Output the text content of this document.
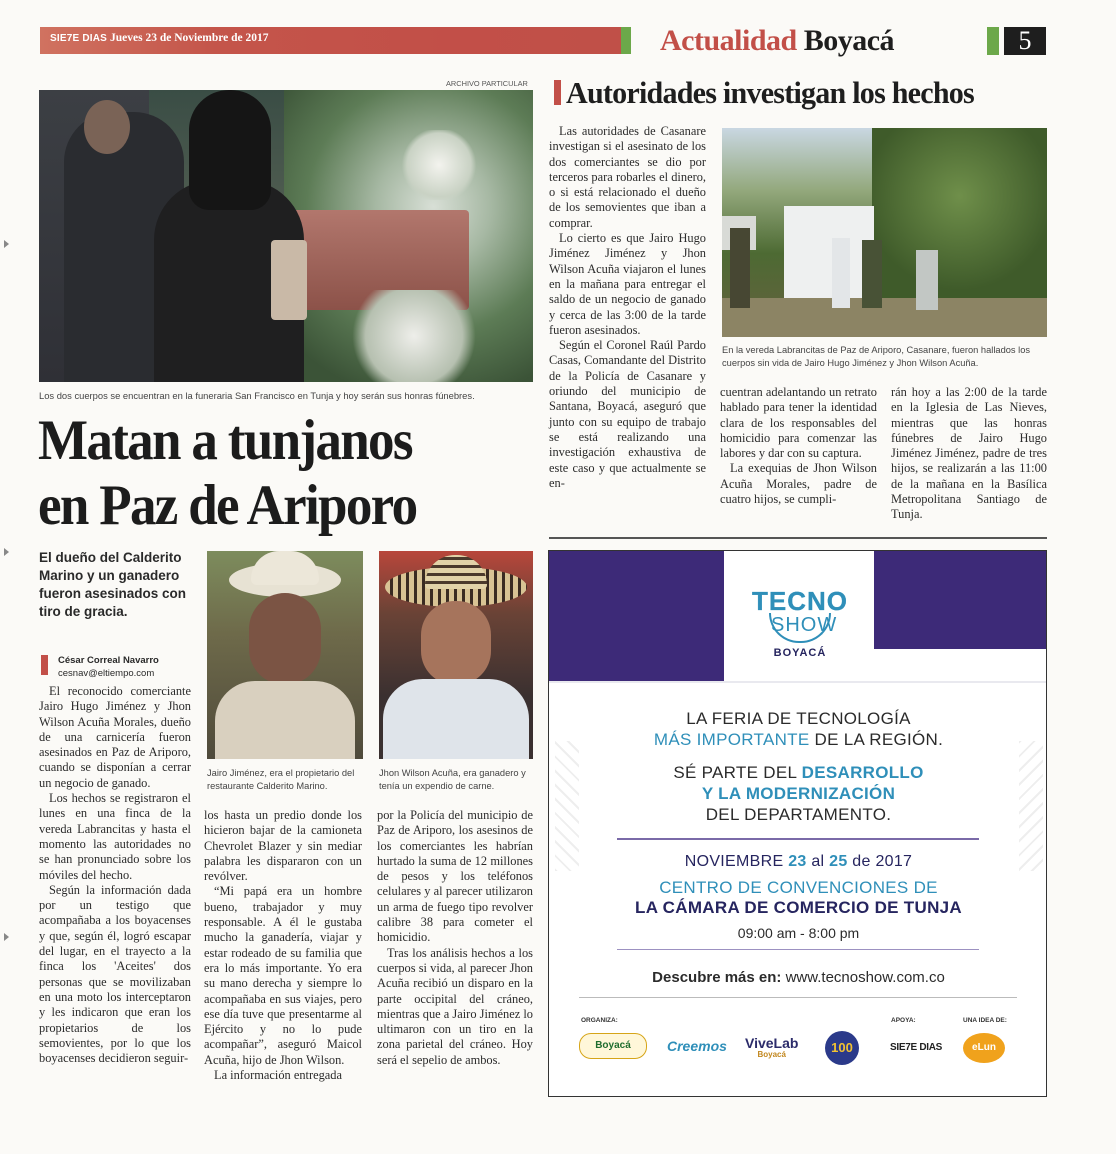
SIE7E DIAS Jueves 23 de Noviembre de 2017	Actualidad Boyacá	5
ARCHIVO PARTICULAR
Los dos cuerpos se encuentran en la funeraria San Francisco en Tunja y hoy serán sus honras fúnebres.
Matan a tunjanos
en Paz de Ariporo
El dueño del Calderito Marino y un ganadero fueron asesinados con tiro de gracia.
César Correal Navarro
cesnav@eltiempo.com
Jairo Jiménez, era el propietario del restaurante Calderito Marino.
Jhon Wilson Acuña, era ganadero y tenía un expendio de carne.

El reconocido comerciante Jairo Hugo Jiménez y Jhon Wilson Acuña Morales, dueño de una carnicería fueron asesinados en Paz de Ariporo, cuando se disponían a cerrar un negocio de ganado.

Los hechos se registraron el lunes en una finca de la vereda Labrancitas y hasta el momento las autoridades no se han pronunciado sobre los móviles del hecho.

Según la información dada por un testigo que acompañaba a los boyacenses y que, según él, logró escapar del lugar, en el trayecto a la finca los 'Aceites' dos personas que se movilizaban en una moto los interceptaron y les indicaron que eran los propietarios de los semovientes, por lo que los boyacenses decidieron seguir-

los hasta un predio donde los hicieron bajar de la camioneta Chevrolet Blazer y sin mediar palabra les dispararon con un revólver.

“Mi papá era un hombre bueno, trabajador y muy responsable. A él le gustaba mucho la ganadería, viajar y estar rodeado de su familia que era lo más importante. Yo era su mano derecha y siempre lo acompañaba en sus viajes, pero ese día tuve que presentarme al Ejército y no lo pude acompañar”, aseguró Maicol Acuña, hijo de Jhon Wilson.

La información entregada

por la Policía del municipio de Paz de Ariporo, los asesinos de los comerciantes les habrían hurtado la suma de 12 millones de pesos y los teléfonos celulares y al parecer utilizaron un arma de fuego tipo revolver calibre 38 para cometer el homicidio.

Tras los análisis hechos a los cuerpos si vida, al parecer Jhon Acuña recibió un disparo en la parte occipital del cráneo, mientras que a Jairo Jiménez lo ultimaron con un tiro en la zona parietal del cráneo. Hoy será el sepelio de ambos.

Autoridades investigan los hechos

Las autoridades de Casanare investigan si el asesinato de los dos comerciantes se dio por terceros para robarles el dinero, o si está relacionado el dueño de los semovientes que iban a comprar.

Lo cierto es que Jairo Hugo Jiménez Jiménez y Jhon Wilson Acuña viajaron el lunes en la mañana para entregar el saldo de un negocio de ganado y cerca de las 3:00 de la tarde fueron asesinados.

Según el Coronel Raúl Pardo Casas, Comandante del Distrito de la Policía de Casanare y oriundo del municipio de Santana, Boyacá, aseguró que junto con su equipo de trabajo se está realizando una investigación exhaustiva de este caso y que actualmente se en-

En la vereda Labrancitas de Paz de Ariporo, Casanare, fueron hallados los cuerpos sin vida de Jairo Hugo Jiménez y Jhon Wilson Acuña.

cuentran adelantando un retrato hablado para tener la identidad clara de los responsables del homicidio para comenzar las labores y dar con su captura.

La exequias de Jhon Wilson Acuña Morales, padre de cuatro hijos, se cumpli-

rán hoy a las 2:00 de la tarde en la Iglesia de Las Nieves, mientras que las honras fúnebres de Jairo Hugo Jiménez Jiménez, padre de tres hijos, se realizarán a las 11:00 de la mañana en la Basílica Metropolitana Santiago de Tunja.

TECNO
SHOW
BOYACÁ
LA FERIA DE TECNOLOGÍA
MÁS IMPORTANTE DE LA REGIÓN.
SÉ PARTE DEL DESARROLLO
Y LA MODERNIZACIÓN
DEL DEPARTAMENTO.
NOVIEMBRE 23 al 25 de 2017
CENTRO DE CONVENCIONES DE
LA CÁMARA DE COMERCIO DE TUNJA
09:00 am - 8:00 pm
Descubre más en: www.tecnoshow.com.co
ORGANIZA:	APOYA:	UNA IDEA DE:
Boyacá	Creemos ViveLab
Boyacá	100	SIE7E DIAS	eLun
